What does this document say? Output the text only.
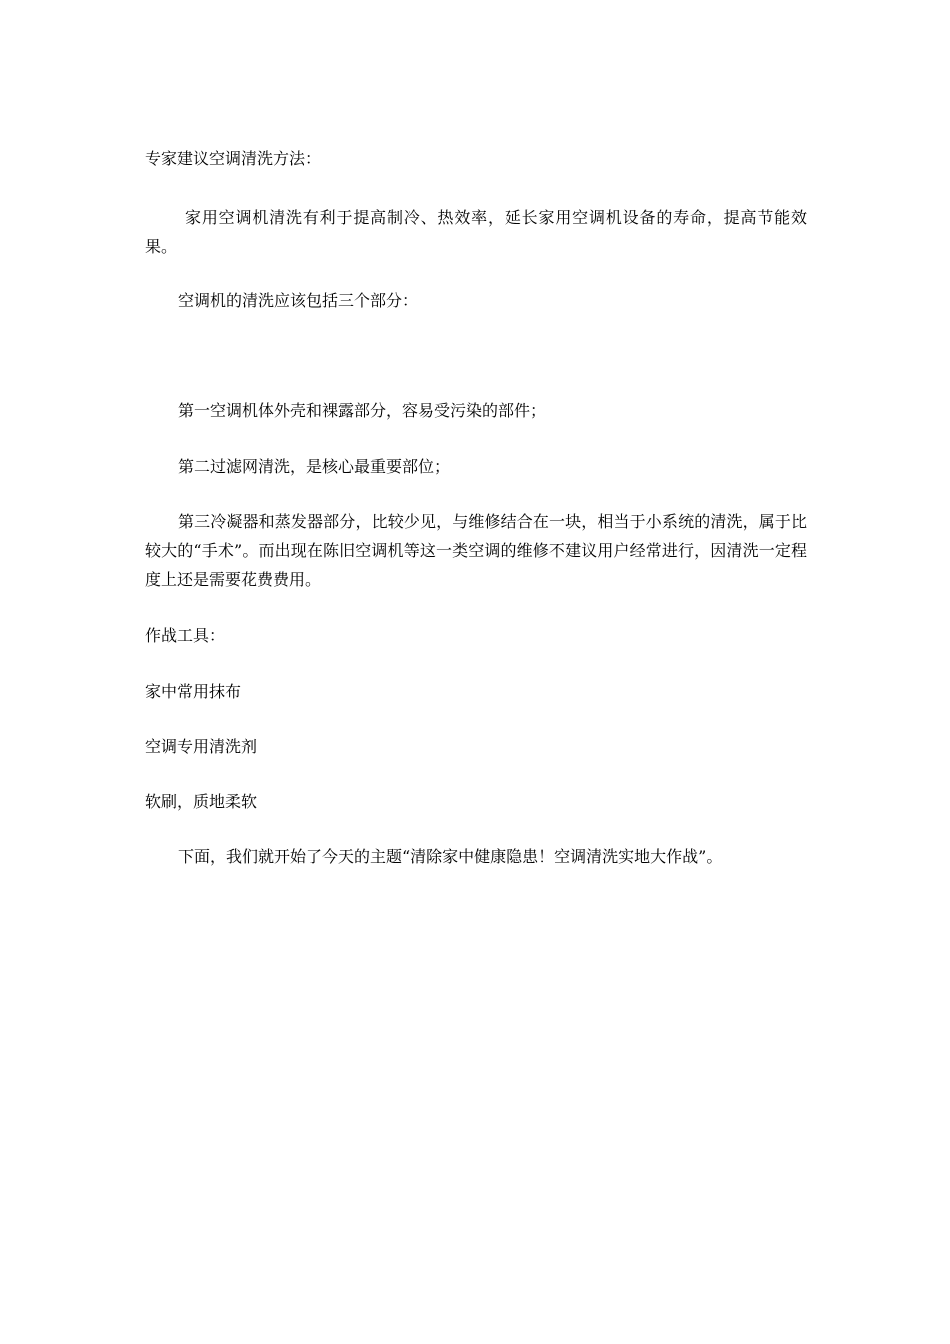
专家建议空调清洗方法：
家用空调机清洗有利于提高制冷、热效率，延长家用空调机设备的寿命，提高节能效果。
空调机的清洗应该包括三个部分：
第一空调机体外壳和裸露部分，容易受污染的部件；
第二过滤网清洗，是核心最重要部位；
第三冷凝器和蒸发器部分，比较少见，与维修结合在一块，相当于小系统的清洗，属于比较大的“手术”。而出现在陈旧空调机等这一类空调的维修不建议用户经常进行，因清洗一定程度上还是需要花费费用。
作战工具：
家中常用抹布
空调专用清洗剂
软刷，质地柔软
下面，我们就开始了今天的主题“清除家中健康隐患！空调清洗实地大作战”。
